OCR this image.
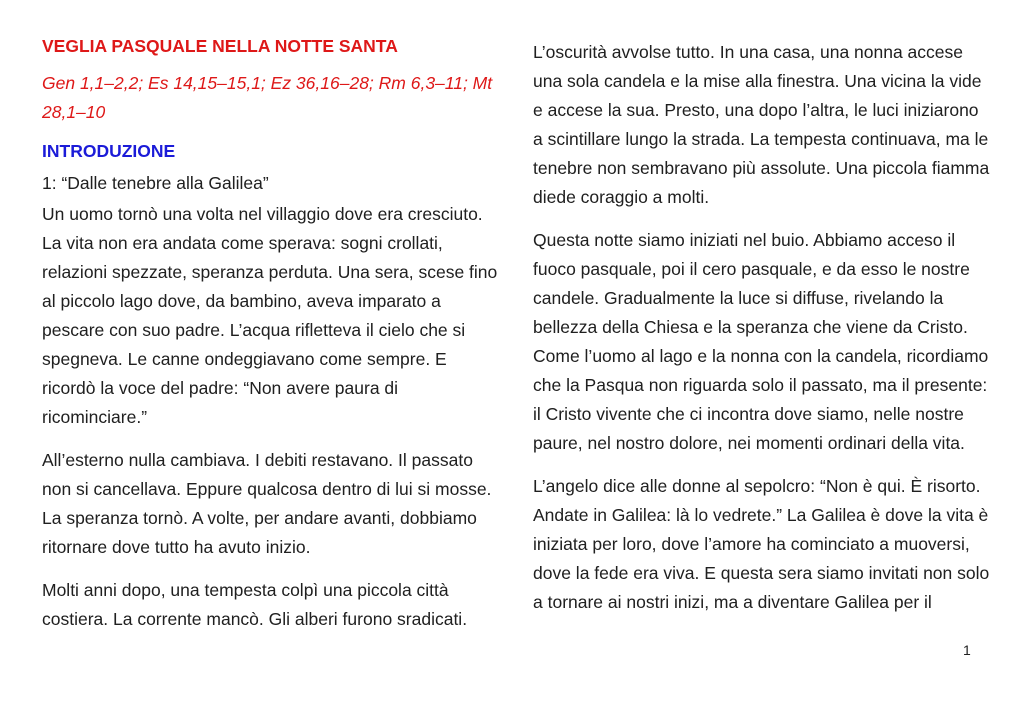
VEGLIA PASQUALE NELLA NOTTE SANTA

Gen 1,1–2,2; Es 14,15–15,1; Ez 36,16–28; Rm 6,3–11; Mt 28,1–10

INTRODUZIONE

1: “Dalle tenebre alla Galilea”

Un uomo tornò una volta nel villaggio dove era cresciuto. La vita non era andata come sperava: sogni crollati, relazioni spezzate, speranza perduta. Una sera, scese fino al piccolo lago dove, da bambino, aveva imparato a pescare con suo padre. L’acqua rifletteva il cielo che si spegneva. Le canne ondeggiavano come sempre. E ricordò la voce del padre: “Non avere paura di ricominciare.”

All’esterno nulla cambiava. I debiti restavano. Il passato non si cancellava. Eppure qualcosa dentro di lui si mosse. La speranza tornò. A volte, per andare avanti, dobbiamo ritornare dove tutto ha avuto inizio.

Molti anni dopo, una tempesta colpì una piccola città costiera. La corrente mancò. Gli alberi furono sradicati.

L’oscurità avvolse tutto. In una casa, una nonna accese una sola candela e la mise alla finestra. Una vicina la vide e accese la sua. Presto, una dopo l’altra, le luci iniziarono a scintillare lungo la strada. La tempesta continuava, ma le tenebre non sembravano più assolute. Una piccola fiamma diede coraggio a molti.

Questa notte siamo iniziati nel buio. Abbiamo acceso il fuoco pasquale, poi il cero pasquale, e da esso le nostre candele. Gradualmente la luce si diffuse, rivelando la bellezza della Chiesa e la speranza che viene da Cristo. Come l’uomo al lago e la nonna con la candela, ricordiamo che la Pasqua non riguarda solo il passato, ma il presente: il Cristo vivente che ci incontra dove siamo, nelle nostre paure, nel nostro dolore, nei momenti ordinari della vita.

L’angelo dice alle donne al sepolcro: “Non è qui. È risorto. Andate in Galilea: là lo vedrete.” La Galilea è dove la vita è iniziata per loro, dove l’amore ha cominciato a muoversi, dove la fede era viva. E questa sera siamo invitati non solo a tornare ai nostri inizi, ma a diventare Galilea per il

1
